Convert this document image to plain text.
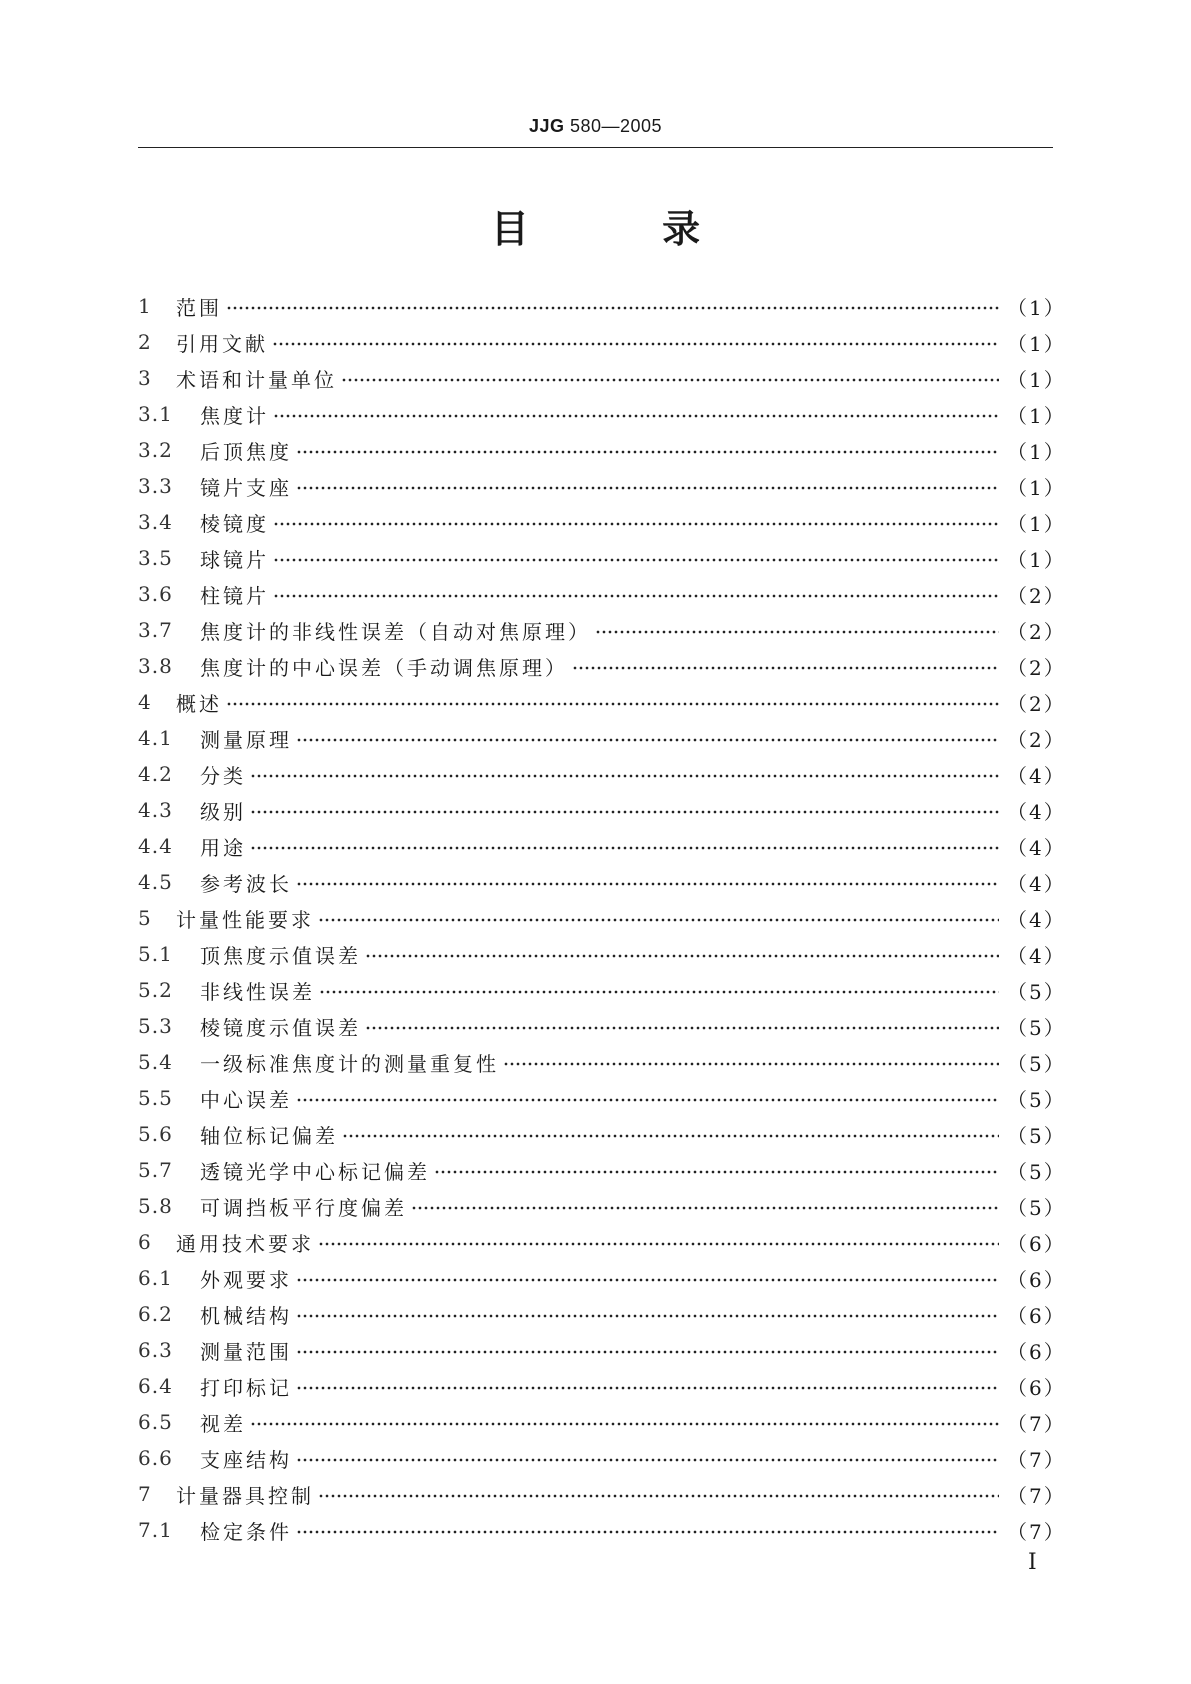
JJG 580—2005
目 录
1	范围	（1）
2	引用文献	（1）
3	术语和计量单位	（1）
3.1	焦度计	（1）
3.2	后顶焦度	（1）
3.3	镜片支座	（1）
3.4	棱镜度	（1）
3.5	球镜片	（1）
3.6	柱镜片	（2）
3.7	焦度计的非线性误差（自动对焦原理）	（2）
3.8	焦度计的中心误差（手动调焦原理）	（2）
4	概述	（2）
4.1	测量原理	（2）
4.2	分类	（4）
4.3	级别	（4）
4.4	用途	（4）
4.5	参考波长	（4）
5	计量性能要求	（4）
5.1	顶焦度示值误差	（4）
5.2	非线性误差	（5）
5.3	棱镜度示值误差	（5）
5.4	一级标准焦度计的测量重复性	（5）
5.5	中心误差	（5）
5.6	轴位标记偏差	（5）
5.7	透镜光学中心标记偏差	（5）
5.8	可调挡板平行度偏差	（5）
6	通用技术要求	（6）
6.1	外观要求	（6）
6.2	机械结构	（6）
6.3	测量范围	（6）
6.4	打印标记	（6）
6.5	视差	（7）
6.6	支座结构	（7）
7	计量器具控制	（7）
7.1	检定条件	（7）
I
